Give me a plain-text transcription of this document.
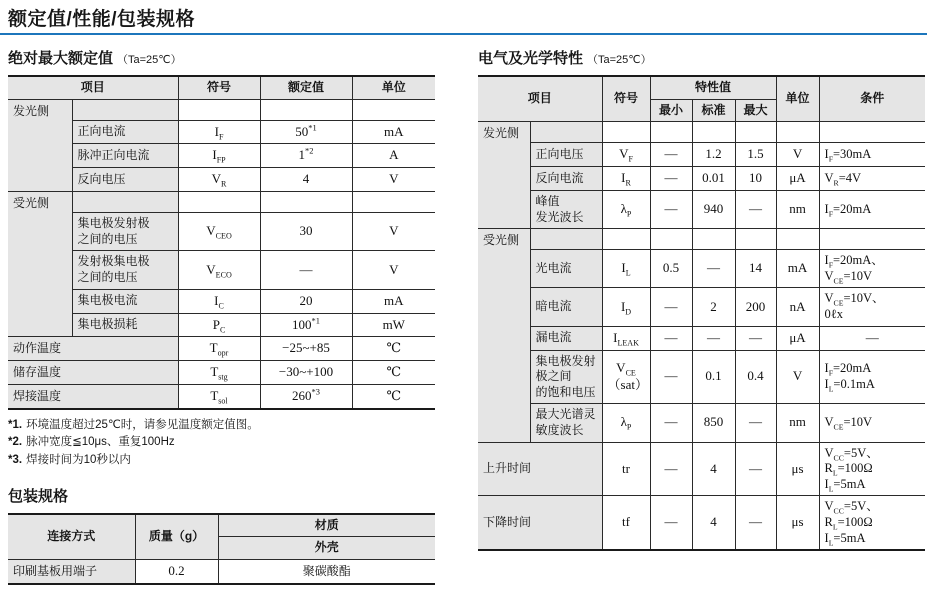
额定值/性能/包装规格
绝对最大额定值 （Ta=25℃）
项目		符号	额定值	单位
发光侧				
	正向电流	$I_F$	50$^{*1}$	mA
	脉冲正向电流	$I_{FP}$	1$^{*2}$	A
	反向电压	$V_R$	4	V
受光侧				
	集电极发射极
之间的电压	$V_{CEO}$	30	V
	发射极集电极
之间的电压	$V_{ECO}$	—	V
	集电极电流	$I_C$	20	mA
	集电极损耗	$P_C$	100$^{*1}$	mW
动作温度		$T_{opr}$	−25~+85	℃
储存温度		$T_{stg}$	−30~+100	℃
焊接温度		$T_{sol}$	260$^{*3}$	℃
*1. 环境温度超过25℃时，请参见温度额定值图。
*2. 脉冲宽度≦10μs、重复100Hz
*3. 焊接时间为10秒以内
包装规格
连接方式	质量（g）	材质
		外壳
印刷基板用端子	0.2	聚碳酸酯
电气及光学特性 （Ta=25℃）
项目		符号	特性值			单位	条件
			最小	标准	最大		
发光侧							
	正向电压	$V_F$	—	1.2	1.5	V	$I_F=30mA$
	反向电流	$I_R$	—	0.01	10	μA	$V_R=4V$
	峰值
发光波长	$\lambda_P$	—	940	—	nm	$I_F=20mA$
受光侧							
	光电流	$I_L$	0.5	—	14	mA	$I_F=20mA$、
$V_{CE}=10V$
	暗电流	$I_D$	—	2	200	nA	$V_{CE}=10V$、
0ℓx
	漏电流	$I_{LEAK}$	—	—	—	μA	—
	集电极发射
极之间
的饱和电压	$V_{CE}$
（sat）	—	0.1	0.4	V	$I_F=20mA$
$I_L=0.1mA$
	最大光谱灵
敏度波长	$\lambda_P$	—	850	—	nm	$V_{CE}=10V$
上升时间		tr	—	4	—	μs	$V_{CC}=5V$、
$R_L=100\Omega$
$I_L=5mA$
下降时间		tf	—	4	—	μs	$V_{CC}=5V$、
$R_L=100\Omega$
$I_L=5mA$
